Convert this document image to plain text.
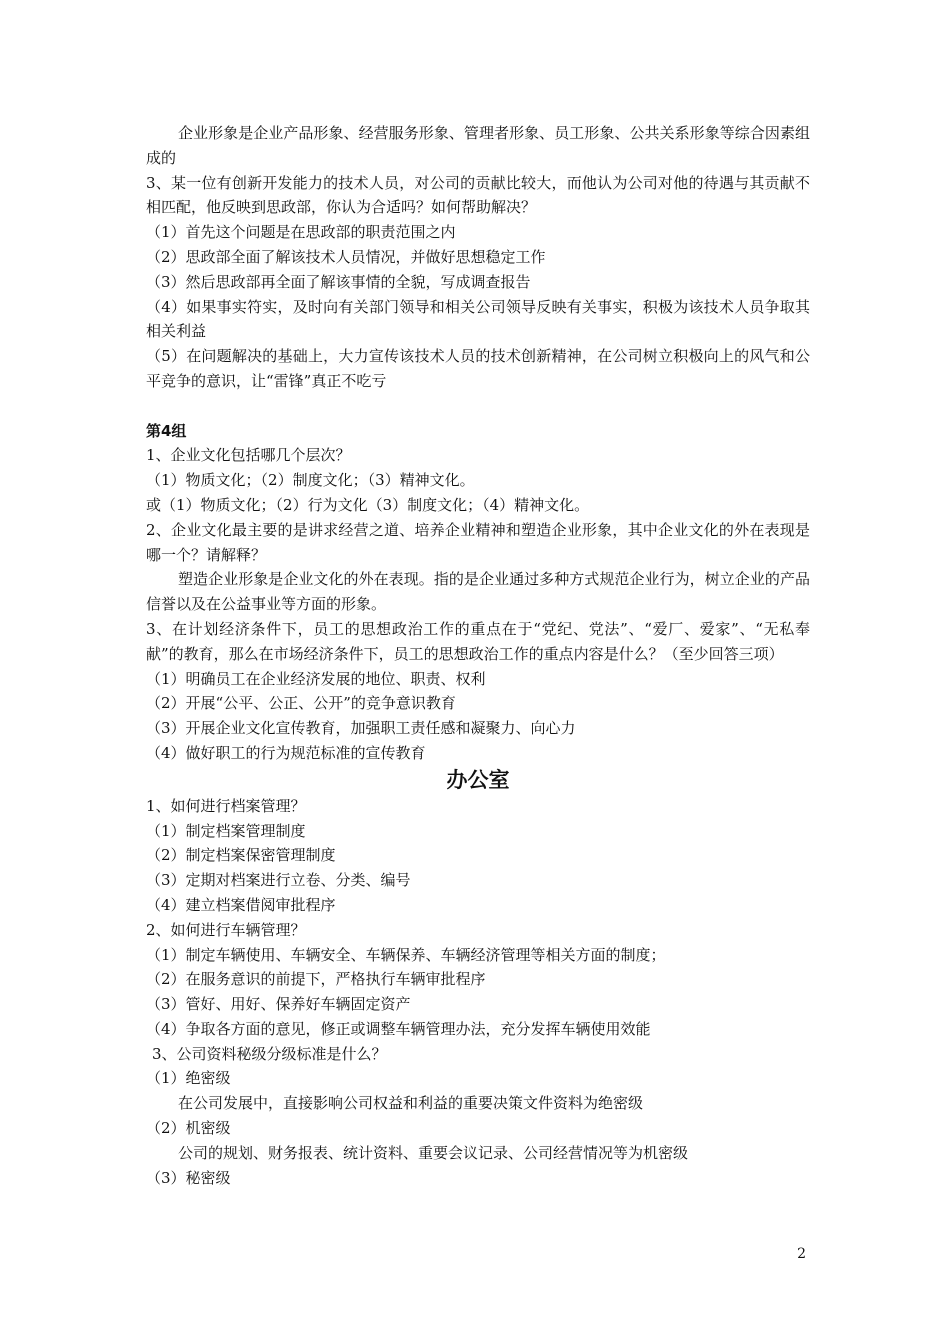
企业形象是企业产品形象、经营服务形象、管理者形象、员工形象、公共关系形象等综合因素组成的

3、某一位有创新开发能力的技术人员，对公司的贡献比较大，而他认为公司对他的待遇与其贡献不相匹配，他反映到思政部，你认为合适吗？如何帮助解决？

（1）首先这个问题是在思政部的职责范围之内

（2）思政部全面了解该技术人员情况，并做好思想稳定工作

（3）然后思政部再全面了解该事情的全貌，写成调查报告

（4）如果事实符实，及时向有关部门领导和相关公司领导反映有关事实，积极为该技术人员争取其相关利益

（5）在问题解决的基础上，大力宣传该技术人员的技术创新精神，在公司树立积极向上的风气和公平竞争的意识，让“雷锋”真正不吃亏

第4组

1、企业文化包括哪几个层次？

（1）物质文化；（2）制度文化；（3）精神文化。

或（1）物质文化；（2）行为文化（3）制度文化；（4）精神文化。

2、企业文化最主要的是讲求经营之道、培养企业精神和塑造企业形象，其中企业文化的外在表现是哪一个？请解释？

塑造企业形象是企业文化的外在表现。指的是企业通过多种方式规范企业行为，树立企业的产品信誉以及在公益事业等方面的形象。

3、在计划经济条件下，员工的思想政治工作的重点在于“党纪、党法”、“爱厂、爱家”、“无私奉献”的教育，那么在市场经济条件下，员工的思想政治工作的重点内容是什么？（至少回答三项）

（1）明确员工在企业经济发展的地位、职责、权利

（2）开展“公平、公正、公开”的竞争意识教育

（3）开展企业文化宣传教育，加强职工责任感和凝聚力、向心力

（4）做好职工的行为规范标准的宣传教育

办公室

1、如何进行档案管理？

（1）制定档案管理制度

（2）制定档案保密管理制度

（3）定期对档案进行立卷、分类、编号

（4）建立档案借阅审批程序

2、如何进行车辆管理？

（1）制定车辆使用、车辆安全、车辆保养、车辆经济管理等相关方面的制度；

（2）在服务意识的前提下，严格执行车辆审批程序

（3）管好、用好、保养好车辆固定资产

（4）争取各方面的意见，修正或调整车辆管理办法，充分发挥车辆使用效能

3、公司资料秘级分级标准是什么？

（1）绝密级

在公司发展中，直接影响公司权益和利益的重要决策文件资料为绝密级

（2）机密级

公司的规划、财务报表、统计资料、重要会议记录、公司经营情况等为机密级

（3）秘密级

2
